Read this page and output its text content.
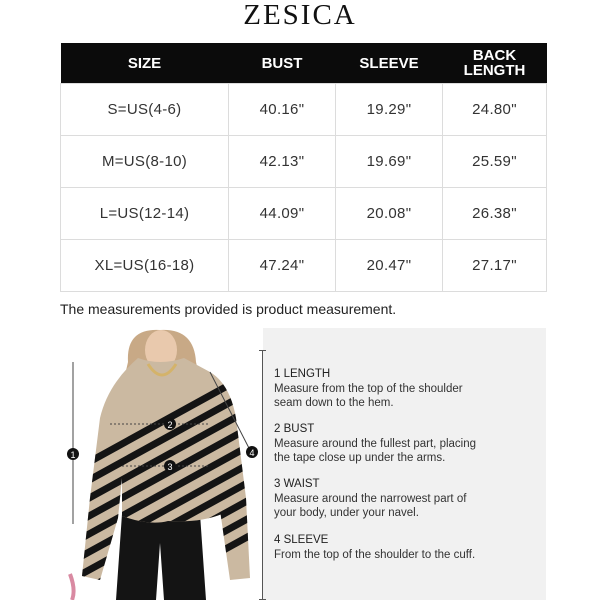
ZESICA
SIZE	BUST	SLEEVE	BACK LENGTH
S=US(4-6)	40.16"	19.29"	24.80"
M=US(8-10)	42.13"	19.69"	25.59"
L=US(12-14)	44.09"	20.08"	26.38"
XL=US(16-18)	47.24"	20.47"	27.17"
The measurements provided is product measurement.
1
2
3
4
1 LENGTH
Measure from the top of the shoulder
seam down to the hem.
2 BUST
Measure around the fullest part, placing
the tape close up under the arms.
3 WAIST
Measure around the narrowest part of
your body, under your navel.
4 SLEEVE
From the top of the shoulder to the cuff.
